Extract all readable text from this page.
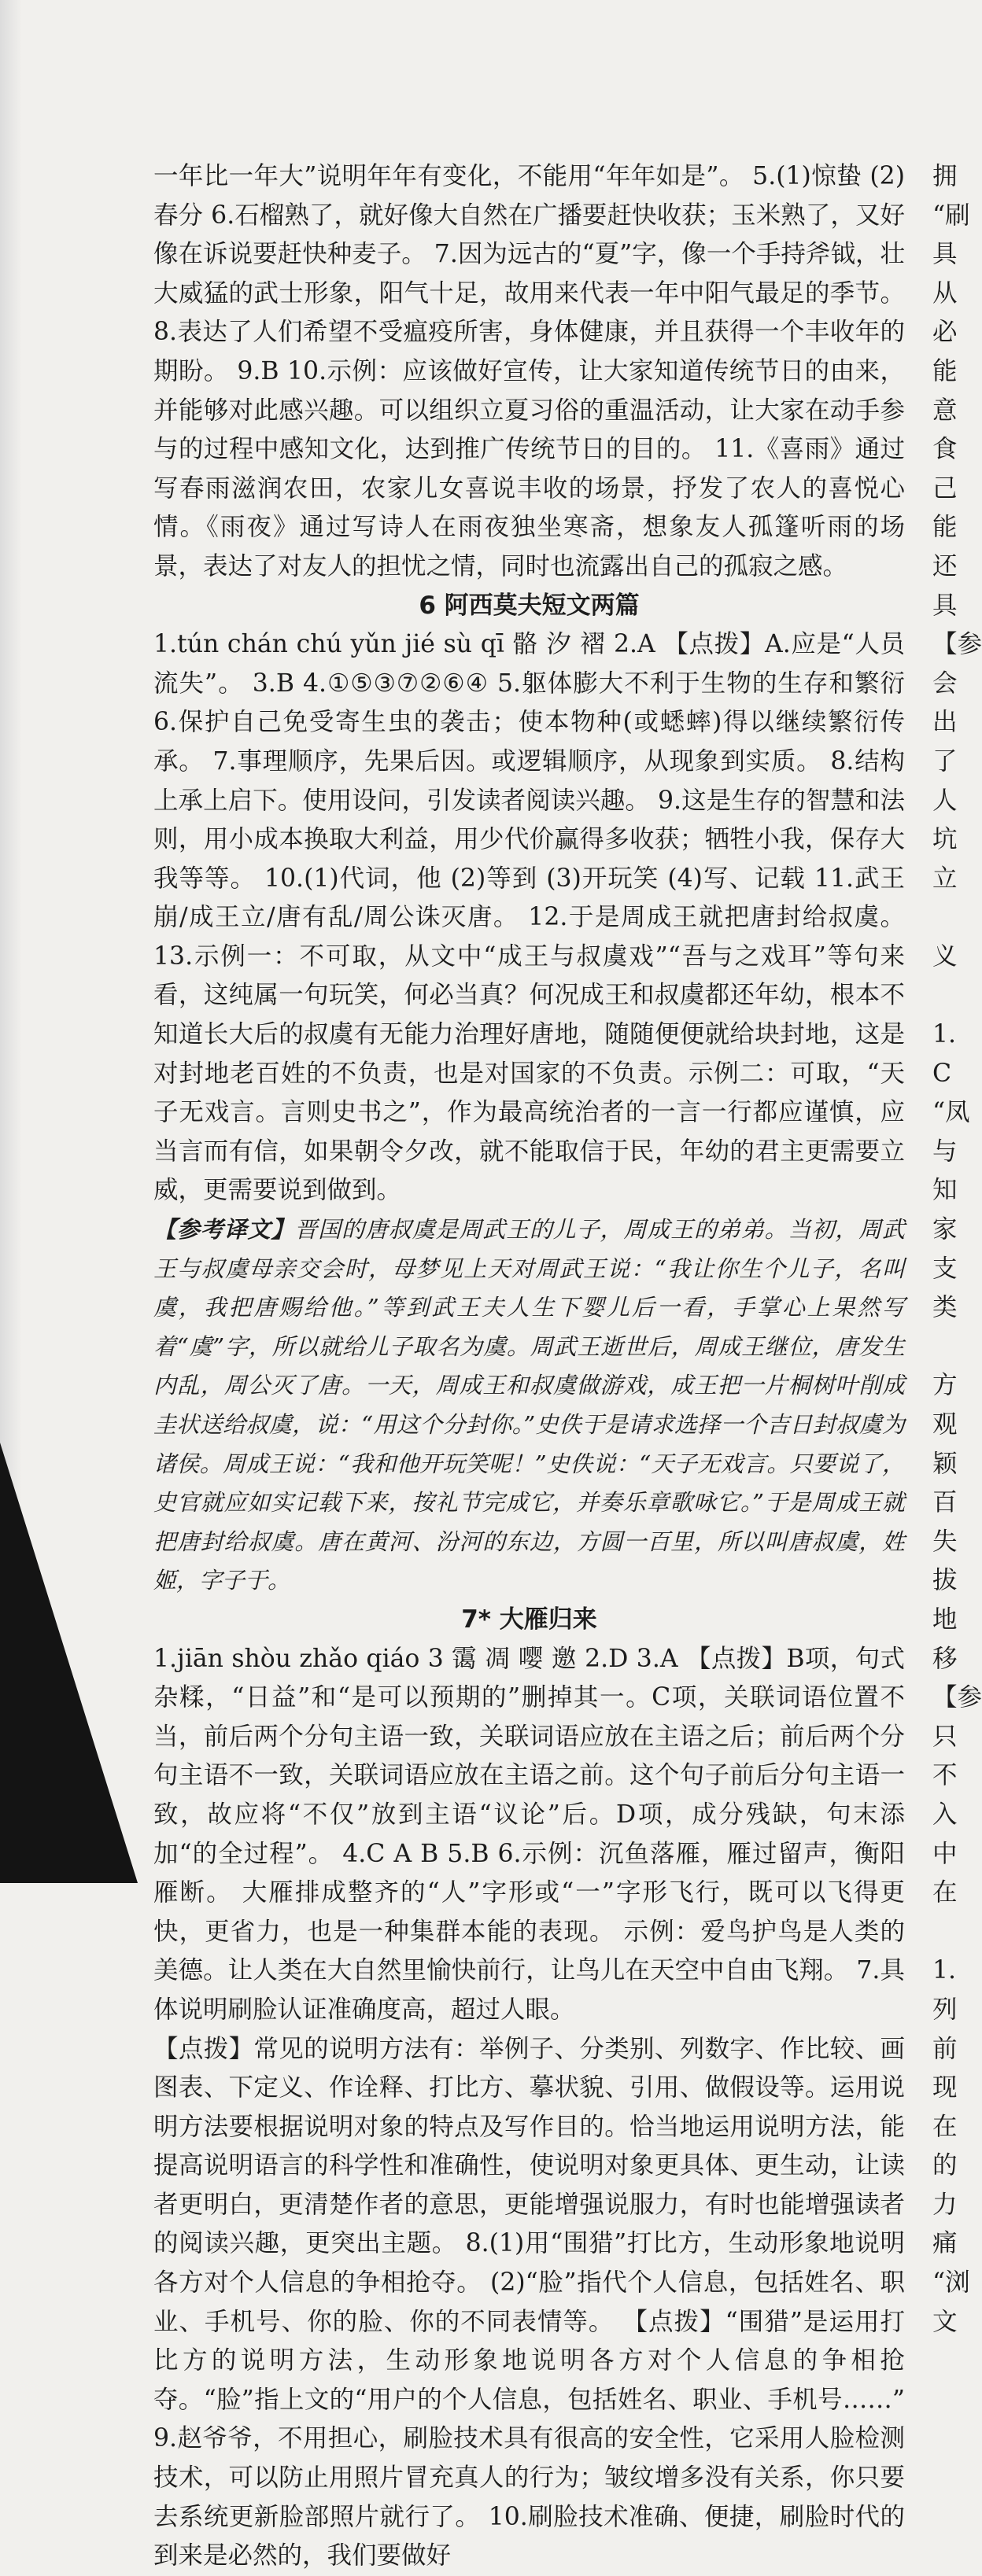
一年比一年大”说明年年有变化，不能用“年年如是”。 5.(1)惊蛰 (2)春分 6.石榴熟了，就好像大自然在广播要赶快收获；玉米熟了，又好像在诉说要赶快种麦子。 7.因为远古的“夏”字，像一个手持斧钺，壮大威猛的武士形象，阳气十足，故用来代表一年中阳气最足的季节。 8.表达了人们希望不受瘟疫所害，身体健康，并且获得一个丰收年的期盼。 9.B 10.示例：应该做好宣传，让大家知道传统节日的由来，并能够对此感兴趣。可以组织立夏习俗的重温活动，让大家在动手参与的过程中感知文化，达到推广传统节日的目的。 11.《喜雨》通过写春雨滋润农田，农家儿女喜说丰收的场景，抒发了农人的喜悦心情。《雨夜》通过写诗人在雨夜独坐寒斋，想象友人孤篷听雨的场景，表达了对友人的担忧之情，同时也流露出自己的孤寂之感。

6 阿西莫夫短文两篇

1.tún chán chú yǔn jié sù qī 骼 汐 褶 2.A 【点拨】A.应是“人员流失”。 3.B 4.①⑤③⑦②⑥④ 5.躯体膨大不利于生物的生存和繁衍 6.保护自己免受寄生虫的袭击；使本物种(或蟋蟀)得以继续繁衍传承。 7.事理顺序，先果后因。或逻辑顺序，从现象到实质。 8.结构上承上启下。使用设问，引发读者阅读兴趣。 9.这是生存的智慧和法则，用小成本换取大利益，用少代价赢得多收获；牺牲小我，保存大我等等。 10.(1)代词，他 (2)等到 (3)开玩笑 (4)写、记载 11.武王崩/成王立/唐有乱/周公诛灭唐。 12.于是周成王就把唐封给叔虞。 13.示例一：不可取，从文中“成王与叔虞戏”“吾与之戏耳”等句来看，这纯属一句玩笑，何必当真？何况成王和叔虞都还年幼，根本不知道长大后的叔虞有无能力治理好唐地，随随便便就给块封地，这是对封地老百姓的不负责，也是对国家的不负责。示例二：可取，“天子无戏言。言则史书之”，作为最高统治者的一言一行都应谨慎，应当言而有信，如果朝令夕改，就不能取信于民，年幼的君主更需要立威，更需要说到做到。

【参考译文】晋国的唐叔虞是周武王的儿子，周成王的弟弟。当初，周武王与叔虞母亲交会时，母梦见上天对周武王说：“我让你生个儿子，名叫虞，我把唐赐给他。”等到武王夫人生下婴儿后一看，手掌心上果然写着“虞”字，所以就给儿子取名为虞。周武王逝世后，周成王继位，唐发生内乱，周公灭了唐。一天，周成王和叔虞做游戏，成王把一片桐树叶削成圭状送给叔虞，说：“用这个分封你。”史佚于是请求选择一个吉日封叔虞为诸侯。周成王说：“我和他开玩笑呢！”史佚说：“天子无戏言。只要说了，史官就应如实记载下来，按礼节完成它，并奏乐章歌咏它。”于是周成王就把唐封给叔虞。唐在黄河、汾河的东边，方圆一百里，所以叫唐叔虞，姓姬，字子于。

7* 大雁归来

1.jiān shòu zhǎo qiáo 3 霭 凋 嘤 邀 2.D 3.A 【点拨】B项，句式杂糅，“日益”和“是可以预期的”删掉其一。C项，关联词语位置不当，前后两个分句主语一致，关联词语应放在主语之后；前后两个分句主语不一致，关联词语应放在主语之前。这个句子前后分句主语一致，故应将“不仅”放到主语“议论”后。D项，成分残缺，句末添加“的全过程”。 4.C A B 5.B 6.示例：沉鱼落雁，雁过留声，衡阳雁断。 大雁排成整齐的“人”字形或“一”字形飞行，既可以飞得更快，更省力，也是一种集群本能的表现。 示例：爱鸟护鸟是人类的美德。让人类在大自然里愉快前行，让鸟儿在天空中自由飞翔。 7.具体说明刷脸认证准确度高，超过人眼。

【点拨】常见的说明方法有：举例子、分类别、列数字、作比较、画图表、下定义、作诠释、打比方、摹状貌、引用、做假设等。运用说明方法要根据说明对象的特点及写作目的。恰当地运用说明方法，能提高说明语言的科学性和准确性，使说明对象更具体、更生动，让读者更明白，更清楚作者的意思，更能增强说服力，有时也能增强读者的阅读兴趣，更突出主题。 8.(1)用“围猎”打比方，生动形象地说明各方对个人信息的争相抢夺。 (2)“脸”指代个人信息，包括姓名、职业、手机号、你的脸、你的不同表情等。 【点拨】“围猎”是运用打比方的说明方法，生动形象地说明各方对个人信息的争相抢夺。“脸”指上文的“用户的个人信息，包括姓名、职业、手机号……” 9.赵爷爷，不用担心，刷脸技术具有很高的安全性，它采用人脸检测技术，可以防止用照片冒充真人的行为；皱纹增多没有关系，你只要去系统更新脸部照片就行了。 10.刷脸技术准确、便捷，刷脸时代的到来是必然的，我们要做好

拥
“刷
具
从
必
能
意
食
己
能
还
具
【参
会
出
了
人
坑
立
义
1.
C
“凤
与
知
家
支
类
方
观
颖
百
失
拔
地
移
【参
只
不
入
中
在
1.
列
前
现
在
的
力
痛
“浏
文
